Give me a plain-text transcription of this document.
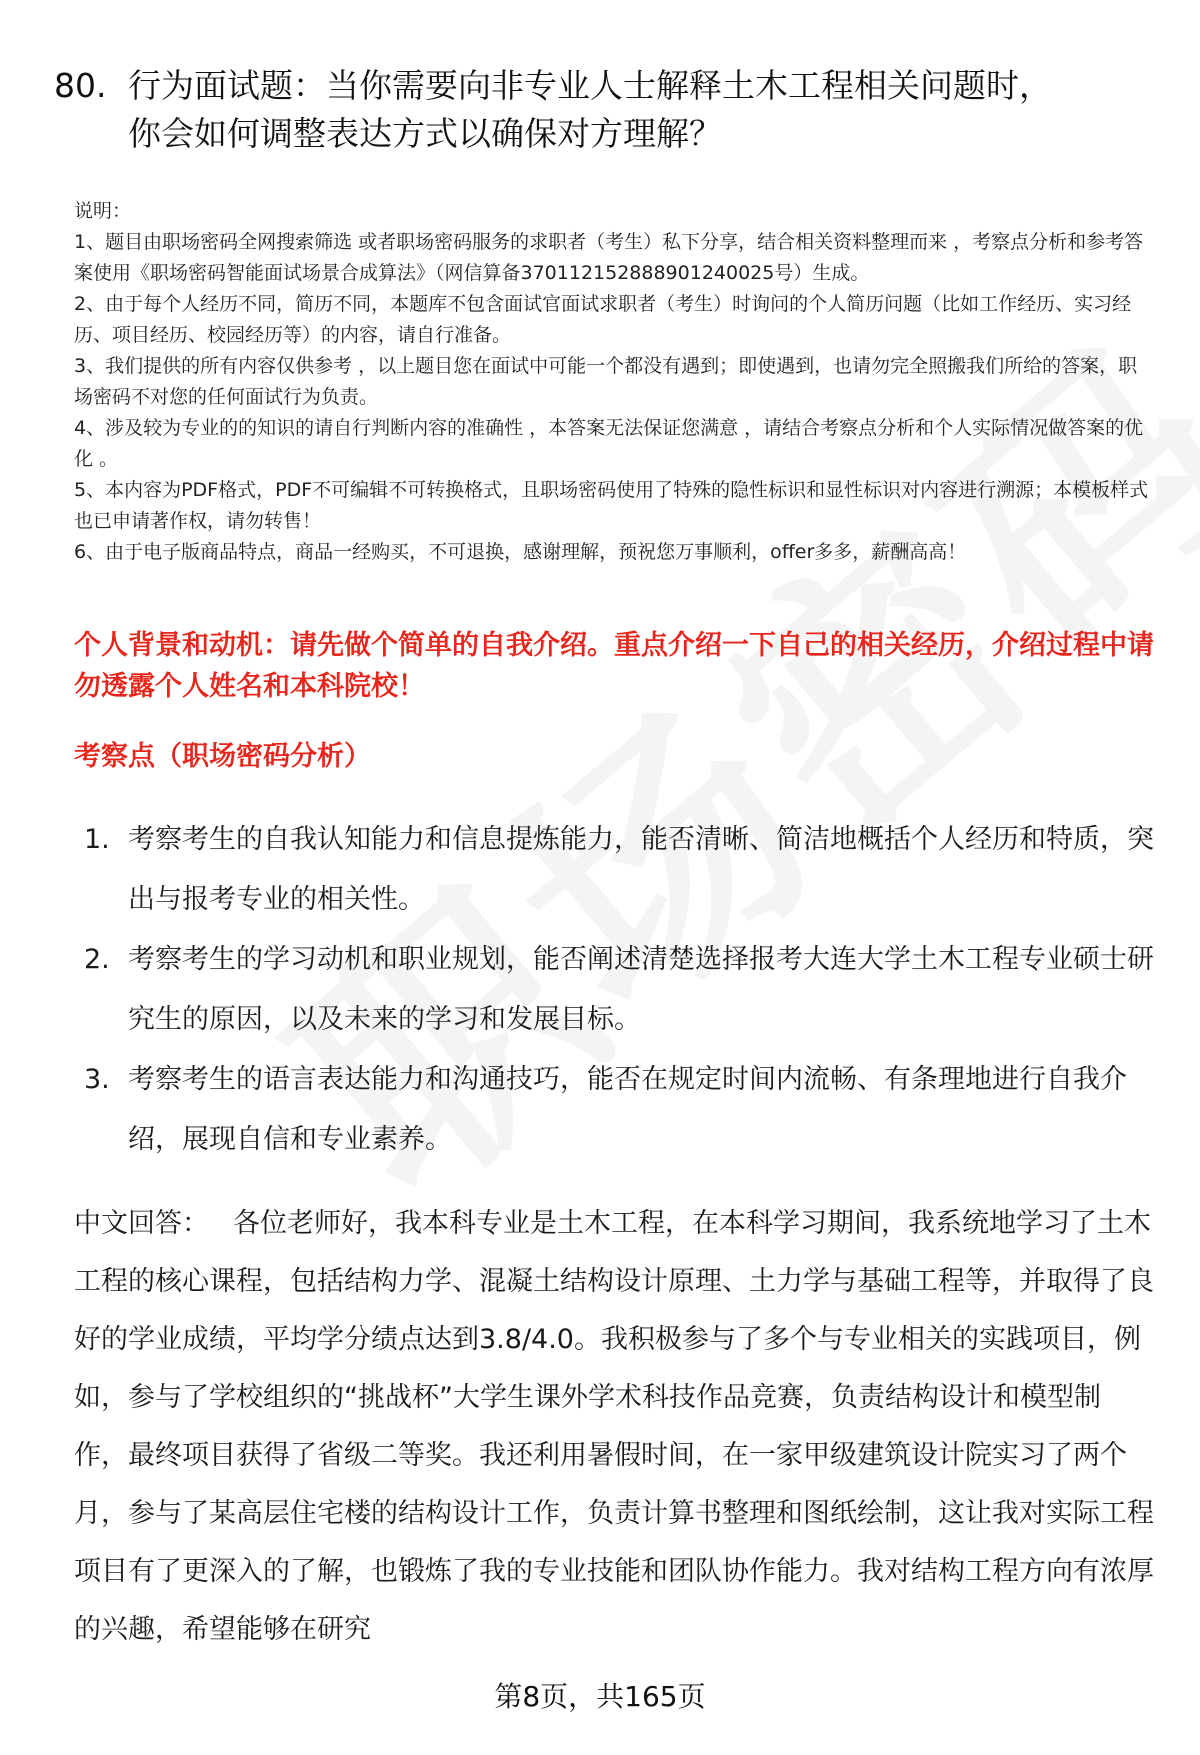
80. 行为面试题：当你需要向非专业人士解释土木工程相关问题时，
你会如何调整表达方式以确保对方理解？

说明：

1、题目由职场密码全网搜索筛选 或者职场密码服务的求职者（考生）私下分享，结合相关资料整理而来 ，考察点分析和参考答案使用《职场密码智能面试场景合成算法》（网信算备370112152888901240025号）生成。

2、由于每个人经历不同，简历不同，本题库不包含面试官面试求职者（考生）时询问的个人简历问题（比如工作经历、实习经历、项目经历、校园经历等）的内容，请自行准备。

3、我们提供的所有内容仅供参考 ，以上题目您在面试中可能一个都没有遇到；即使遇到，也请勿完全照搬我们所给的答案，职场密码不对您的任何面试行为负责。

4、涉及较为专业的的知识的请自行判断内容的准确性 ，本答案无法保证您满意 ，请结合考察点分析和个人实际情况做答案的优化 。

5、本内容为PDF格式，PDF不可编辑不可转换格式，且职场密码使用了特殊的隐性标识和显性标识对内容进行溯源；本模板样式也已申请著作权，请勿转售！

6、由于电子版商品特点，商品一经购买，不可退换，感谢理解，预祝您万事顺利，offer多多，薪酬高高！

个人背景和动机：请先做个简单的自我介绍。重点介绍一下自己的相关经历，介绍过程中请勿透露个人姓名和本科院校！
考察点（职场密码分析）
1. 考察考生的自我认知能力和信息提炼能力，能否清晰、简洁地概括个人经历和特质，突出与报考专业的相关性。
2. 考察考生的学习动机和职业规划，能否阐述清楚选择报考大连大学土木工程专业硕士研究生的原因，以及未来的学习和发展目标。
3. 考察考生的语言表达能力和沟通技巧，能否在规定时间内流畅、有条理地进行自我介绍，展现自信和专业素养。

中文回答： 各位老师好，我本科专业是土木工程，在本科学习期间，我系统地学习了土木工程的核心课程，包括结构力学、混凝土结构设计原理、土力学与基础工程等，并取得了良好的学业成绩，平均学分绩点达到3.8/4.0。我积极参与了多个与专业相关的实践项目，例如，参与了学校组织的“挑战杯”大学生课外学术科技作品竞赛，负责结构设计和模型制作，最终项目获得了省级二等奖。我还利用暑假时间，在一家甲级建筑设计院实习了两个月，参与了某高层住宅楼的结构设计工作，负责计算书整理和图纸绘制，这让我对实际工程项目有了更深入的了解，也锻炼了我的专业技能和团队协作能力。我对结构工程方向有浓厚的兴趣，希望能够在研究

第8页，共165页
